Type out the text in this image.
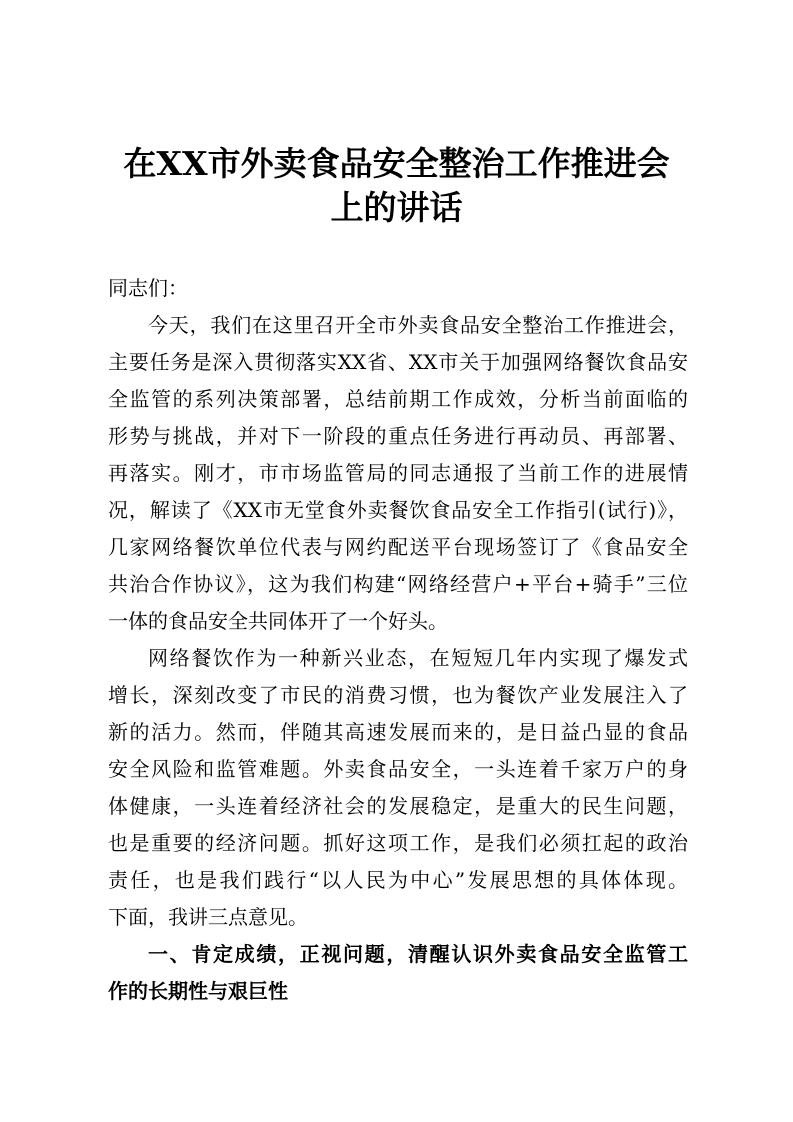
在XX市外卖食品安全整治工作推进会
上的讲话
同志们：
今天，我们在这里召开全市外卖食品安全整治工作推进会，
主要任务是深入贯彻落实XX省、XX市关于加强网络餐饮食品安
全监管的系列决策部署，总结前期工作成效，分析当前面临的
形势与挑战，并对下一阶段的重点任务进行再动员、再部署、
再落实。刚才，市市场监管局的同志通报了当前工作的进展情
况，解读了《XX市无堂食外卖餐饮食品安全工作指引(试行)》，
几家网络餐饮单位代表与网约配送平台现场签订了《食品安全
共治合作协议》，这为我们构建“网络经营户+平台+骑手”三位
一体的食品安全共同体开了一个好头。
网络餐饮作为一种新兴业态，在短短几年内实现了爆发式
增长，深刻改变了市民的消费习惯，也为餐饮产业发展注入了
新的活力。然而，伴随其高速发展而来的，是日益凸显的食品
安全风险和监管难题。外卖食品安全，一头连着千家万户的身
体健康，一头连着经济社会的发展稳定，是重大的民生问题，
也是重要的经济问题。抓好这项工作，是我们必须扛起的政治
责任，也是我们践行“以人民为中心”发展思想的具体体现。
下面，我讲三点意见。
一、肯定成绩，正视问题，清醒认识外卖食品安全监管工
作的长期性与艰巨性
